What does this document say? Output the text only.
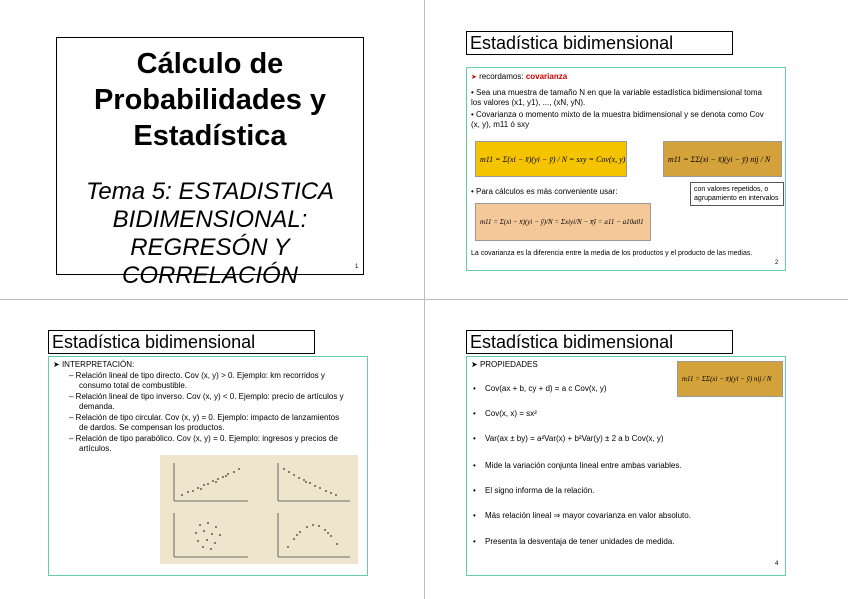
Cálculo de
Probabilidades y
Estadística
Tema 5: ESTADISTICA
BIDIMENSIONAL:
REGRESÓN Y CORRELACIÓN	1
Estadística bidimensional
➤ recordamos: covarianza
• Sea una muestra de tamaño N en que la variable estadística bidimensional toma
los valores (x1, y1), ..., (xN, yN).
• Covarianza o momento mixto de la muestra bidimensional y se denota como Cov
(x, y), m11 ó sxy
m11 = Σ(xi − x̄)(yi − ȳ) / N = sxy = Cov(x, y)	m11 = ΣΣ(xi − x̄)(yi − ȳ) nij / N
con valores repetidos, o agrupamiento en intervalos
• Para cálculos es más conveniente usar:
m11 = Σ(xi − x̄)(yi − ȳ)/N = Σxiyi/N − x̄ȳ = a11 − a10a01
La covarianza es la diferencia entre la media de los productos y el producto de las medias.
2
Estadística bidimensional
➤ INTERPRETACIÓN:
– Relación lineal de tipo directo. Cov (x, y) > 0. Ejemplo: km recorridos y
consumo total de combustible.
– Relación lineal de tipo inverso. Cov (x, y) < 0. Ejemplo: precio de artículos y
demanda.
– Relación de tipo circular. Cov (x, y) = 0. Ejemplo: impacto de lanzamientos
de dardos. Se compensan los productos.
– Relación de tipo parabólico. Cov (x, y) = 0. Ejemplo: ingresos y precios de
artículos.
Estadística bidimensional
➤ PROPIEDADES
m11 = ΣΣ(xi − x̄)(yi − ȳ) nij / N
• Cov(ax + b, cy + d) = a c Cov(x, y)
• Cov(x, x) = sx²
• Var(ax ± by) = a²Var(x) + b²Var(y) ± 2 a b Cov(x, y)
• Mide la variación conjunta lineal entre ambas variables.
• El signo informa de la relación.
• Más relación lineal ⇒ mayor covarianza en valor absoluto.
• Presenta la desventaja de tener unidades de medida.
4
